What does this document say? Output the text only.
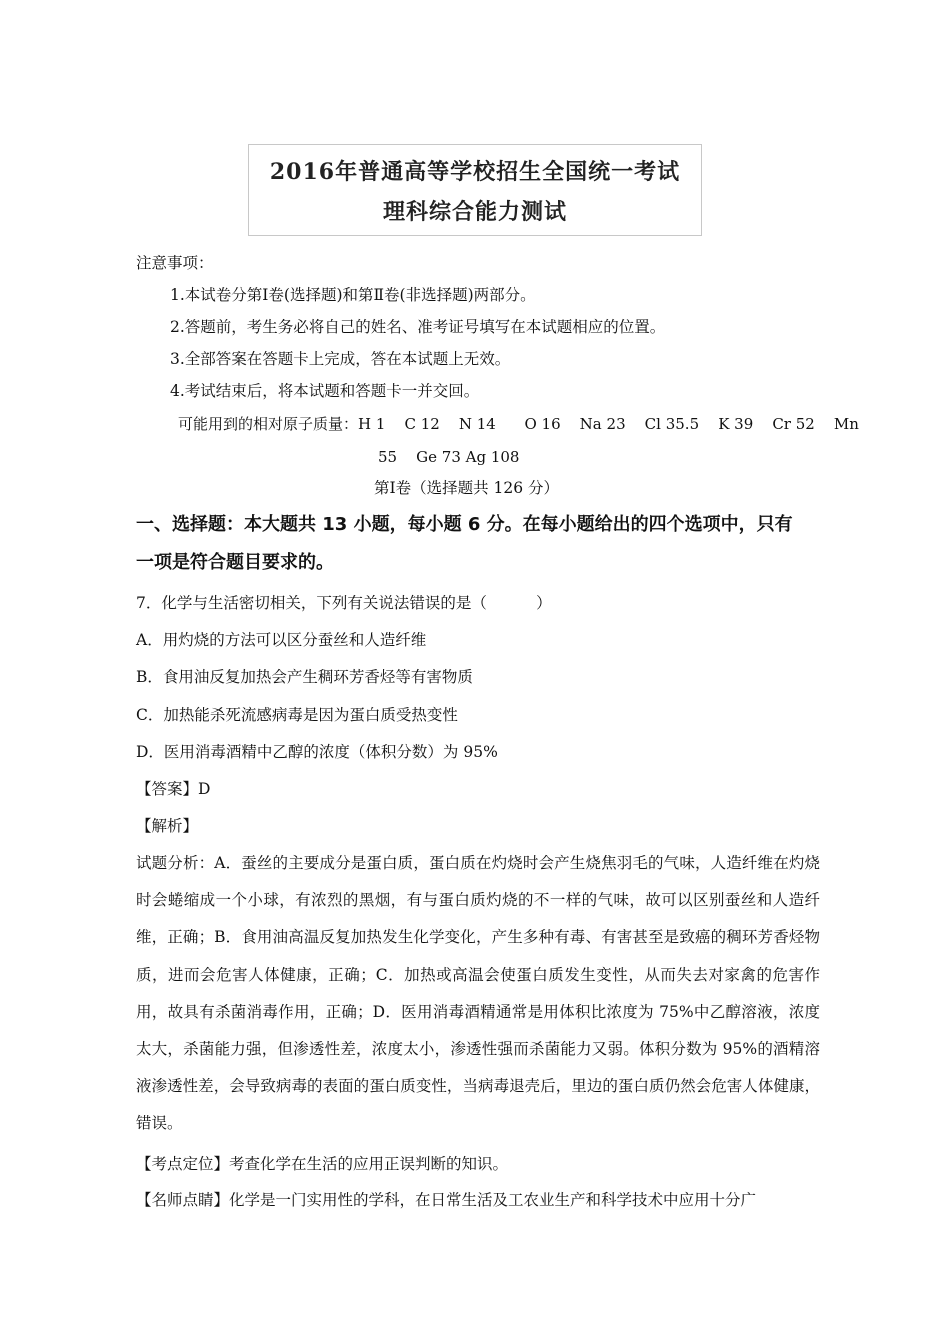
2016年普通高等学校招生全国统一考试
理科综合能力测试
注意事项：
1.本试卷分第Ⅰ卷(选择题)和第Ⅱ卷(非选择题)两部分。
2.答题前，考生务必将自己的姓名、准考证号填写在本试题相应的位置。
3.全部答案在答题卡上完成，答在本试题上无效。
4.考试结束后，将本试题和答题卡一并交回。
可能用到的相对原子质量：H 1    C 12    N 14      O 16    Na 23    Cl 35.5    K 39    Cr 52    Mn
55    Ge 73 Ag 108
第Ⅰ卷（选择题共 126 分）
一、选择题：本大题共 13 小题，每小题 6 分。在每小题给出的四个选项中，只有
一项是符合题目要求的。
7．化学与生活密切相关，下列有关说法错误的是（          ）
A．用灼烧的方法可以区分蚕丝和人造纤维
B．食用油反复加热会产生稠环芳香烃等有害物质
C．加热能杀死流感病毒是因为蛋白质受热变性
D．医用消毒酒精中乙醇的浓度（体积分数）为 95%
【答案】D
【解析】
试题分析：A．蚕丝的主要成分是蛋白质，蛋白质在灼烧时会产生烧焦羽毛的气味，人造纤维在灼烧时会蜷缩成一个小球，有浓烈的黑烟，有与蛋白质灼烧的不一样的气味，故可以区别蚕丝和人造纤维，正确；B．食用油高温反复加热发生化学变化，产生多种有毒、有害甚至是致癌的稠环芳香烃物质，进而会危害人体健康，正确；C．加热或高温会使蛋白质发生变性，从而失去对家禽的危害作用，故具有杀菌消毒作用，正确；D．医用消毒酒精通常是用体积比浓度为 75%中乙醇溶液，浓度太大，杀菌能力强，但渗透性差，浓度太小，渗透性强而杀菌能力又弱。体积分数为 95%的酒精溶液渗透性差，会导致病毒的表面的蛋白质变性，当病毒退壳后，里边的蛋白质仍然会危害人体健康，错误。
【考点定位】考查化学在生活的应用正误判断的知识。
【名师点睛】化学是一门实用性的学科，在日常生活及工农业生产和科学技术中应用十分广
